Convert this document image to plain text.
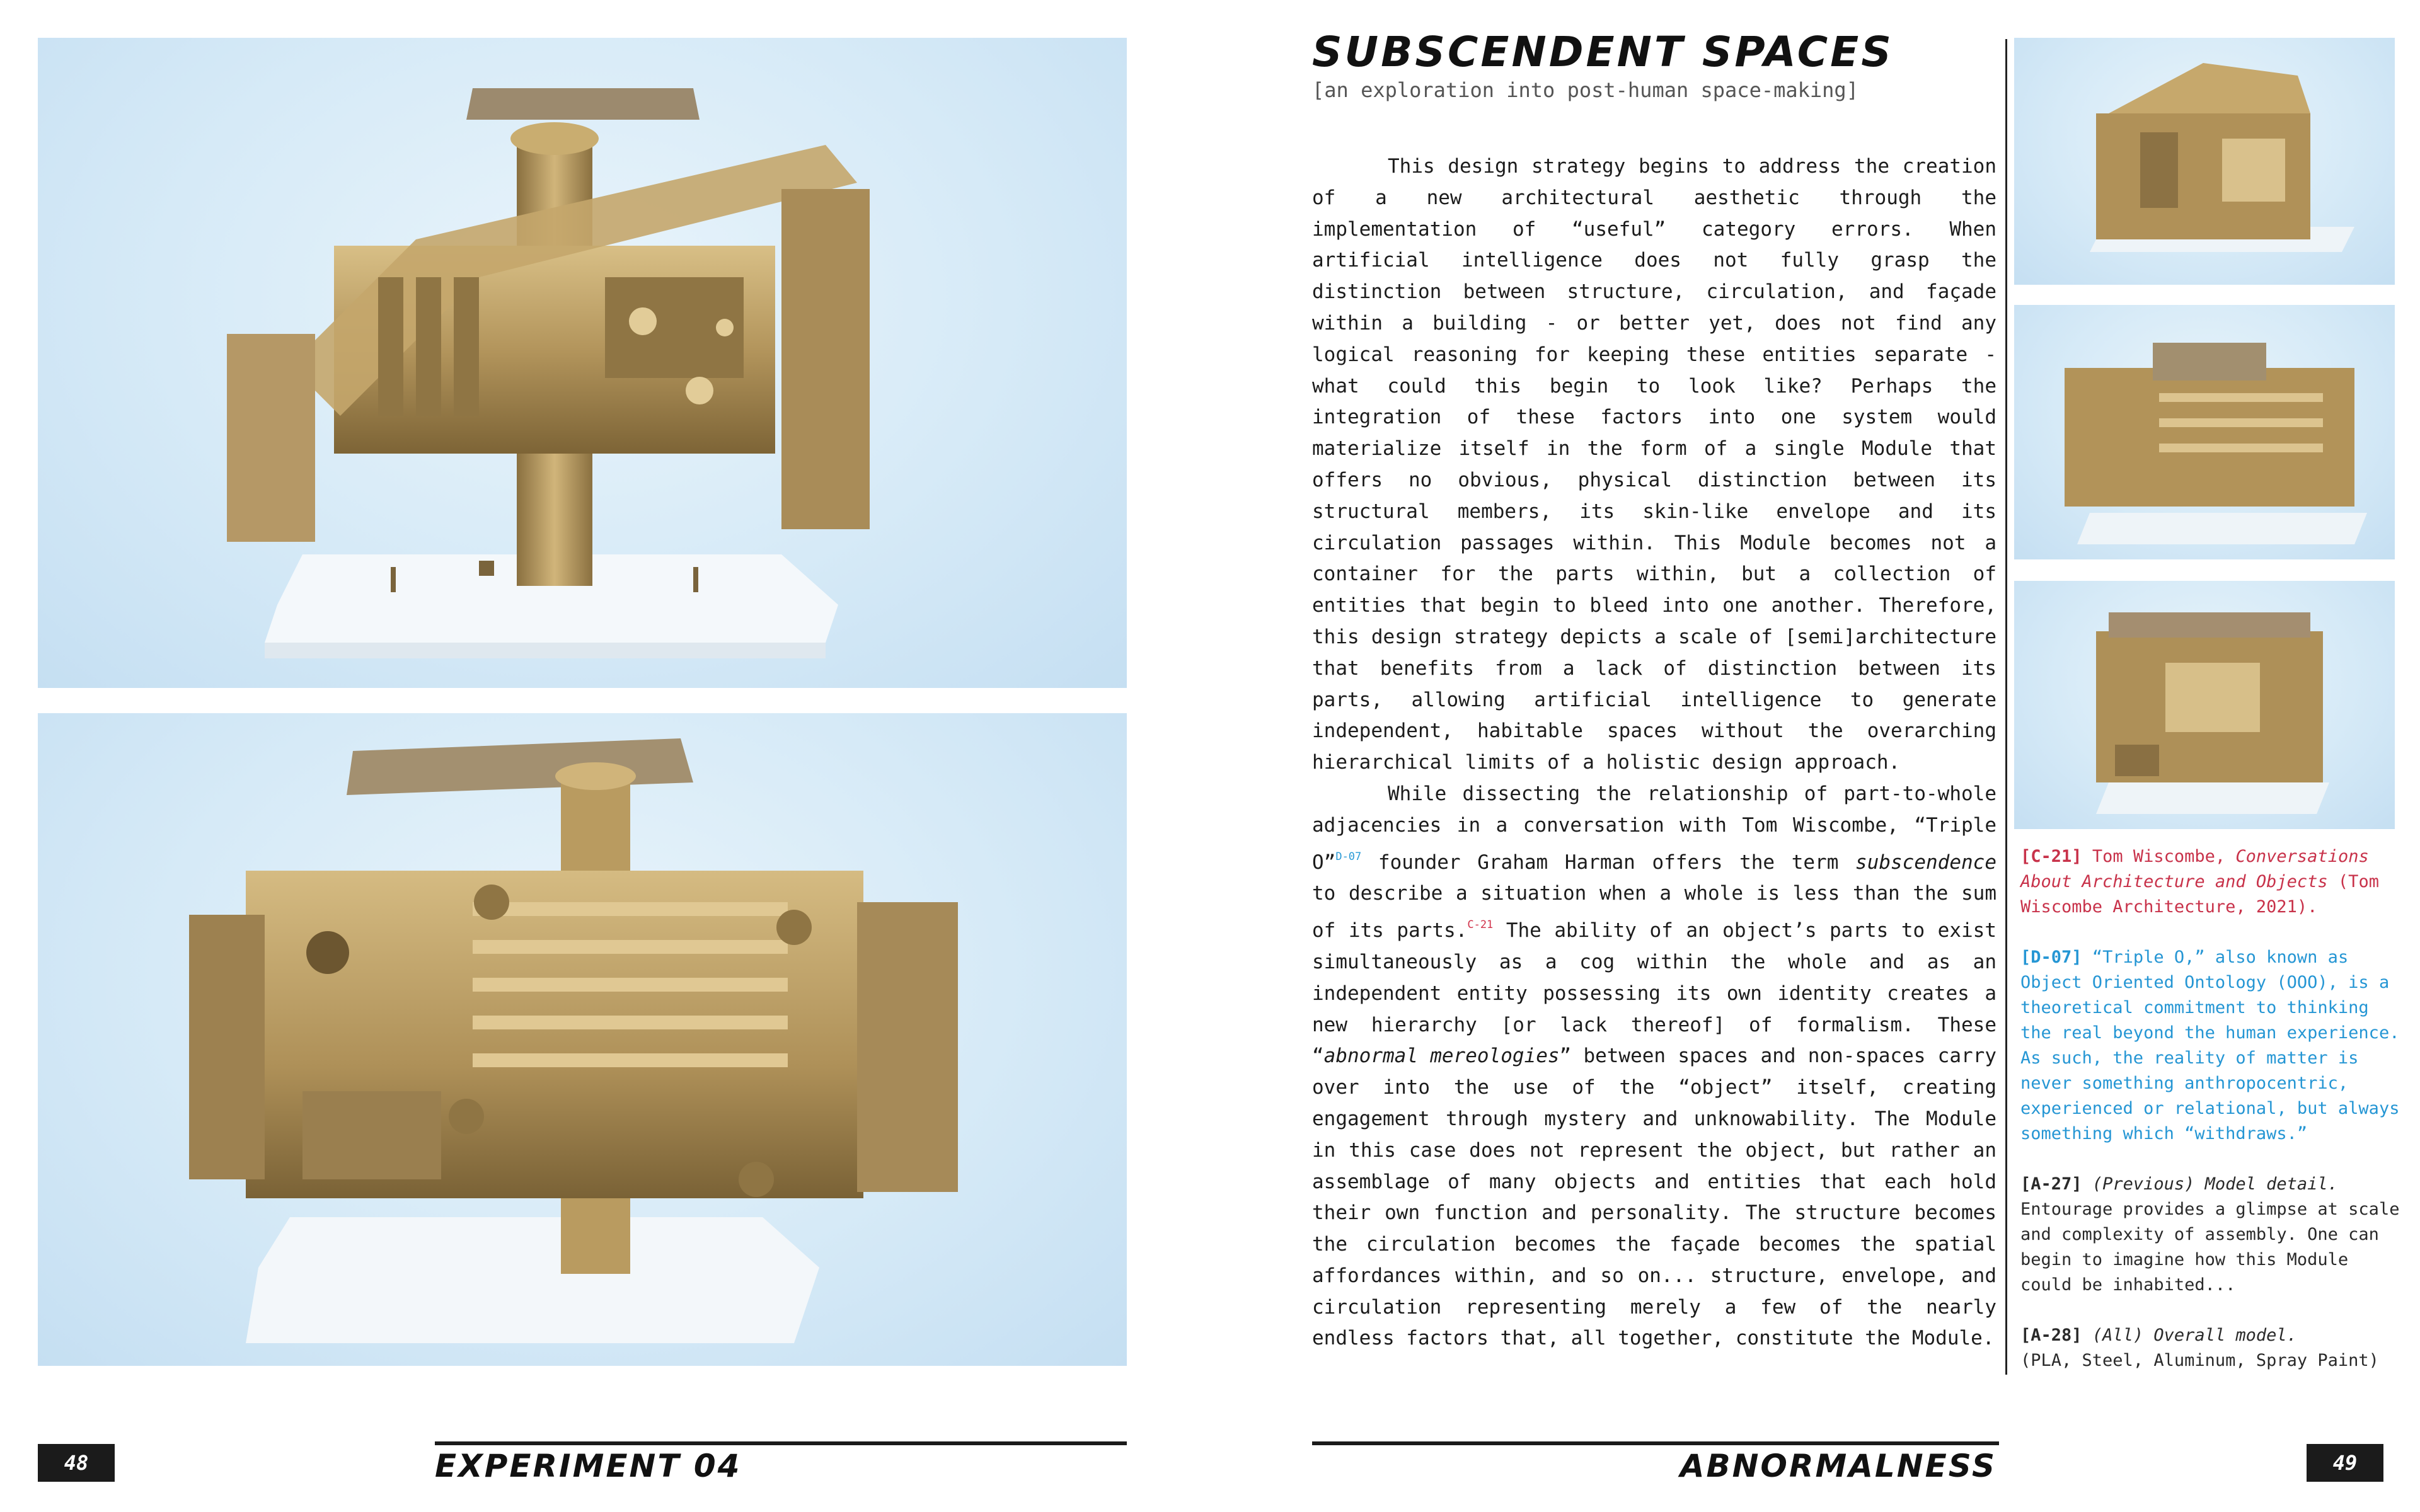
48	EXPERIMENT 04
SUBSCENDENT SPACES
[an exploration into post-human space-making]

This design strategy begins to address the creation of a new architectural aesthetic through the implementation of “useful” category errors. When artificial intelligence does not fully grasp the distinction between structure, circulation, and façade within a building - or better yet, does not find any logical reasoning for keeping these entities separate - what could this begin to look like? Perhaps the integration of these factors into one system would materialize itself in the form of a single Module that offers no obvious, physical distinction between its structural members, its skin-like envelope and its circulation passages within. This Module becomes not a container for the parts within, but a collection of entities that begin to bleed into one another. Therefore, this design strategy depicts a scale of [semi]architecture that benefits from a lack of distinction between its parts, allowing artificial intelligence to generate independent, habitable spaces without the overarching hierarchical limits of a holistic design approach.

While dissecting the relationship of part-to-whole adjacencies in a conversation with Tom Wiscombe, “Triple O”$^{D-07}$ founder Graham Harman offers the term subscendence to describe a situation when a whole is less than the sum of its parts.$^{C-21}$ The ability of an object’s parts to exist simultaneously as a cog within the whole and as an independent entity possessing its own identity creates a new hierarchy [or lack thereof] of formalism. These “abnormal mereologies” between spaces and non-spaces carry over into the use of the “object” itself, creating engagement through mystery and unknowability. The Module in this case does not represent the object, but rather an assemblage of many objects and entities that each hold their own function and personality. The structure becomes the circulation becomes the façade becomes the spatial affordances within, and so on... structure, envelope, and circulation representing merely a few of the nearly endless factors that, all together, constitute the Module.

[C-21] Tom Wiscombe, Conversations About Architecture and Objects (Tom Wiscombe Architecture, 2021).
[D-07] “Triple O,” also known as Object Oriented Ontology (OOO), is a theoretical commitment to thinking the real beyond the human experience. As such, the reality of matter is never something anthropocentric, experienced or relational, but always something which “withdraws.”
[A-27] (Previous) Model detail.
Entourage provides a glimpse at scale and complexity of assembly. One can begin to imagine how this Module could be inhabited...
[A-28] (All) Overall model.
(PLA, Steel, Aluminum, Spray Paint)
ABNORMALNESS	49
